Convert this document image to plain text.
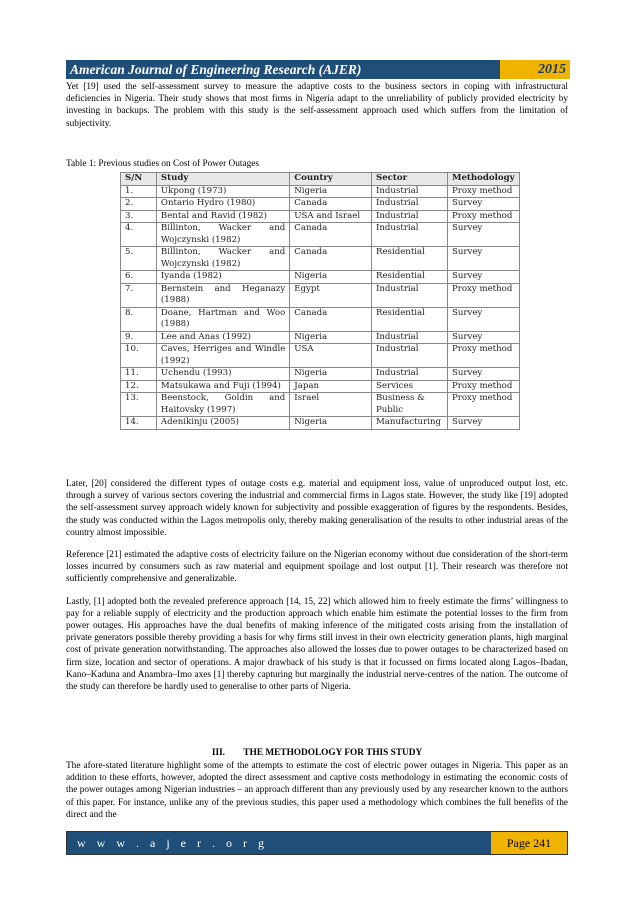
American Journal of Engineering Research (AJER)	2015

Yet [19] used the self-assessment survey to measure the adaptive costs to the business sectors in coping with infrastructural deficiencies in Nigeria. Their study shows that most firms in Nigeria adapt to the unreliability of publicly provided electricity by investing in backups. The problem with this study is the self-assessment approach used which suffers from the limitation of subjectivity.

Table 1: Previous studies on Cost of Power Outages
S/N	Study	Country	Sector	Methodology
1.	Ukpong (1973)	Nigeria	Industrial	Proxy method
2.	Ontario Hydro (1980)	Canada	Industrial	Survey
3.	Bental and Ravid (1982)	USA and Israel	Industrial	Proxy method
4.	Billinton, Wacker and Wojczynski (1982)	Canada	Industrial	Survey
5.	Billinton, Wacker and Wojczynski (1982)	Canada	Residential	Survey
6.	Iyanda (1982)	Nigeria	Residential	Survey
7.	Bernstein and Heganazy (1988)	Egypt	Industrial	Proxy method
8.	Doane, Hartman and Woo (1988)	Canada	Residential	Survey
9.	Lee and Anas (1992)	Nigeria	Industrial	Survey
10.	Caves, Herriges and Windle (1992)	USA	Industrial	Proxy method
11.	Uchendu (1993)	Nigeria	Industrial	Survey
12.	Matsukawa and Fuji (1994)	Japan	Services	Proxy method
13.	Beenstock, Goldin and Haitovsky (1997)	Israel	Business & Public	Proxy method
14.	Adenikinju (2005)	Nigeria	Manufacturing	Survey

Later, [20] considered the different types of outage costs e.g. material and equipment loss, value of unproduced output lost, etc. through a survey of various sectors covering the industrial and commercial firms in Lagos state. However, the study like [19] adopted the self-assessment survey approach widely known for subjectivity and possible exaggeration of figures by the respondents. Besides, the study was conducted within the Lagos metropolis only, thereby making generalisation of the results to other industrial areas of the country almost impossible.

Reference [21] estimated the adaptive costs of electricity failure on the Nigerian economy without due consideration of the short-term losses incurred by consumers such as raw material and equipment spoilage and lost output [1]. Their research was therefore not sufficiently comprehensive and generalizable.

Lastly, [1] adopted both the revealed preference approach [14, 15, 22] which allowed him to freely estimate the firms’ willingness to pay for a reliable supply of electricity and the production approach which enable him estimate the potential losses to the firm from power outages. His approaches have the dual benefits of making inference of the mitigated costs arising from the installation of private generators possible thereby providing a basis for why firms still invest in their own electricity generation plants, high marginal cost of private generation notwithstanding. The approaches also allowed the losses due to power outages to be characterized based on firm size, location and sector of operations. A major drawback of his study is that it focussed on firms located along Lagos–Ibadan, Kano–Kaduna and Anambra–Imo axes [1] thereby capturing but marginally the industrial nerve-centres of the nation. The outcome of the study can therefore be hardly used to generalise to other parts of Nigeria.

III.        THE METHODOLOGY FOR THIS STUDY

The afore-stated literature highlight some of the attempts to estimate the cost of electric power outages in Nigeria. This paper as an addition to these efforts, however, adopted the direct assessment and captive costs methodology in estimating the economic costs of the power outages among Nigerian industries – an approach different than any previously used by any researcher known to the authors of this paper. For instance, unlike any of the previous studies, this paper used a methodology which combines the full benefits of the direct and the

w w w . a j e r . o r g	Page 241
